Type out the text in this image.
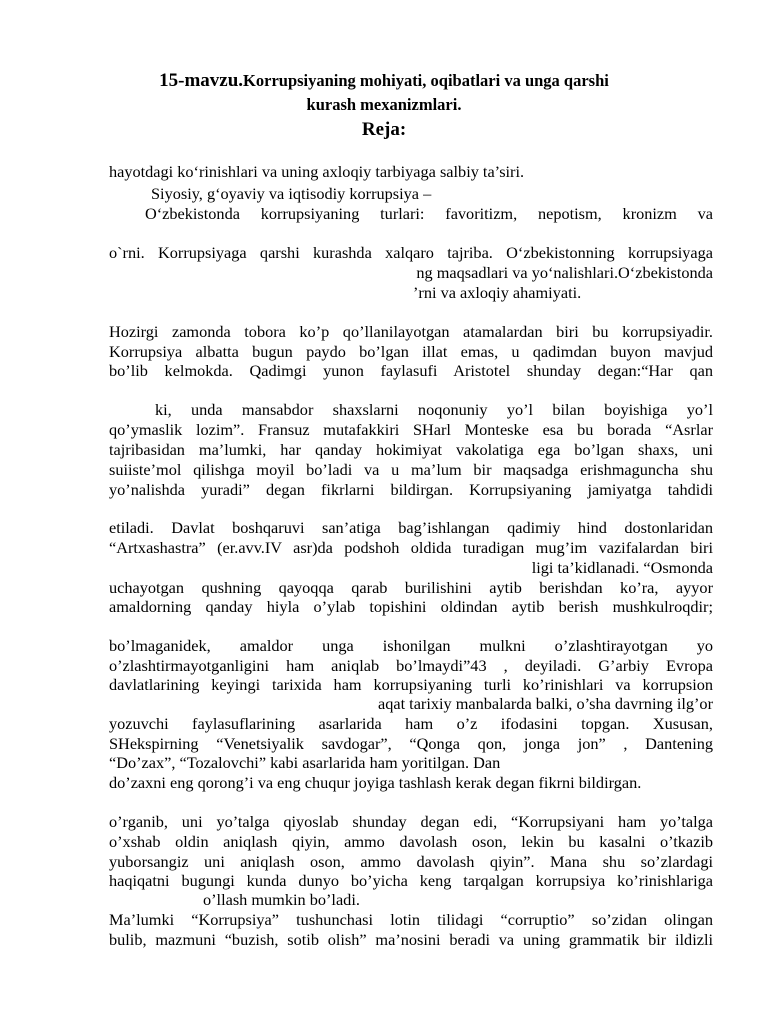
15-mavzu.Korrupsiyaning mohiyati, oqibatlari va unga qarshi
kurash mexanizmlari.
Reja:
hayotdagi ko‘rinishlari va uning axloqiy tarbiyaga salbiy ta’siri.
Siyosiy, g‘oyaviy va iqtisodiy korrupsiya –
O‘zbekistonda korrupsiyaning turlari: favoritizm, nepotism, kronizm va
o`rni. Korrupsiyaga qarshi kurashda xalqaro tajriba. O‘zbekistonning korrupsiyaga
ng maqsadlari va yo‘nalishlari.O‘zbekistonda
’rni va axloqiy ahamiyati.
Hozirgi zamonda tobora ko’p qo’llanilayotgan atamalardan biri bu korrupsiyadir.
Korrupsiya albatta bugun paydo bo’lgan illat emas, u qadimdan buyon mavjud
bo’lib kelmokda. Qadimgi yunon faylasufi Aristotel shunday degan:“Har qan
ki, unda mansabdor shaxslarni noqonuniy yo’l bilan boyishiga yo’l
qo’ymaslik lozim”. Fransuz mutafakkiri SHarl Monteske esa bu borada “Asrlar
tajribasidan ma’lumki, har qanday hokimiyat vakolatiga ega bo’lgan shaxs, uni
suiiste’mol qilishga moyil bo’ladi va u ma’lum bir maqsadga erishmaguncha shu
yo’nalishda yuradi” degan fikrlarni bildirgan. Korrupsiyaning jamiyatga tahdidi
etiladi. Davlat boshqaruvi san’atiga bag’ishlangan qadimiy hind dostonlaridan
“Artxashastra” (er.avv.IV asr)da podshoh oldida turadigan mug’im vazifalardan biri
ligi ta’kidlanadi. “Osmonda
uchayotgan qushning qayoqqa qarab burilishini aytib berishdan ko’ra, ayyor
amaldorning qanday hiyla o’ylab topishini oldindan aytib berish mushkulroqdir;
bo’lmaganidek, amaldor unga ishonilgan mulkni o’zlashtirayotgan yo
o’zlashtirmayotganligini ham aniqlab bo’lmaydi”43 , deyiladi. G’arbiy Evropa
davlatlarining keyingi tarixida ham korrupsiyaning turli ko’rinishlari va korrupsion
aqat tarixiy manbalarda balki, o’sha davrning ilg’or
yozuvchi faylasuflarining asarlarida ham o’z ifodasini topgan. Xususan,
SHekspirning “Venetsiyalik savdogar”, “Qonga qon, jonga jon” , Dantening
“Do’zax”, “Tozalovchi” kabi asarlarida ham yoritilgan. Dan
do’zaxni eng qorong’i va eng chuqur joyiga tashlash kerak degan fikrni bildirgan.
o’rganib, uni yo’talga qiyoslab shunday degan edi, “Korrupsiyani ham yo’talga
o’xshab oldin aniqlash qiyin, ammo davolash oson, lekin bu kasalni o’tkazib
yuborsangiz uni aniqlash oson, ammo davolash qiyin”. Mana shu so’zlardagi
haqiqatni bugungi kunda dunyo bo’yicha keng tarqalgan korrupsiya ko’rinishlariga
o’llash mumkin bo’ladi.
Ma’lumki “Korrupsiya” tushunchasi lotin tilidagi “corruptio” so’zidan olingan
bulib, mazmuni “buzish, sotib olish” ma’nosini beradi va uning grammatik bir ildizli
